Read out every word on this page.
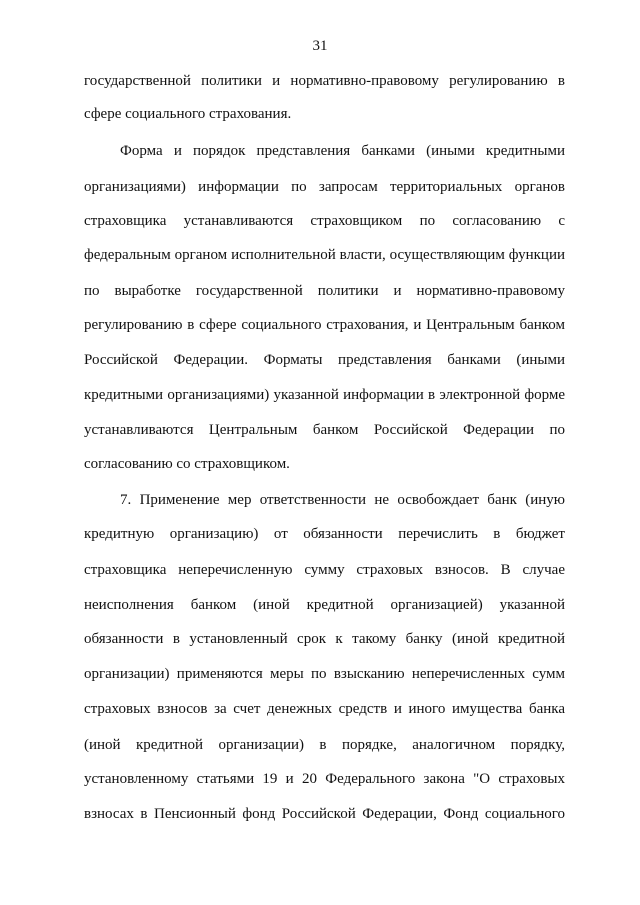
31
государственной политики и нормативно-правовому регулированию в
сфере социального страхования.
Форма и порядок представления банками (иными кредитными
организациями) информации по запросам территориальных органов
страховщика устанавливаются страховщиком по согласованию с
федеральным органом исполнительной власти, осуществляющим функции
по выработке государственной политики и нормативно-правовому
регулированию в сфере социального страхования, и Центральным банком
Российской Федерации. Форматы представления банками (иными
кредитными организациями) указанной информации в электронной форме
устанавливаются Центральным банком Российской Федерации по
согласованию со страховщиком.
7. Применение мер ответственности не освобождает банк (иную
кредитную организацию) от обязанности перечислить в бюджет
страховщика неперечисленную сумму страховых взносов. В случае
неисполнения банком (иной кредитной организацией) указанной
обязанности в установленный срок к такому банку (иной кредитной
организации) применяются меры по взысканию неперечисленных сумм
страховых взносов за счет денежных средств и иного имущества банка
(иной кредитной организации) в порядке, аналогичном порядку,
установленному статьями 19 и 20 Федерального закона "О страховых
взносах в Пенсионный фонд Российской Федерации, Фонд социального
